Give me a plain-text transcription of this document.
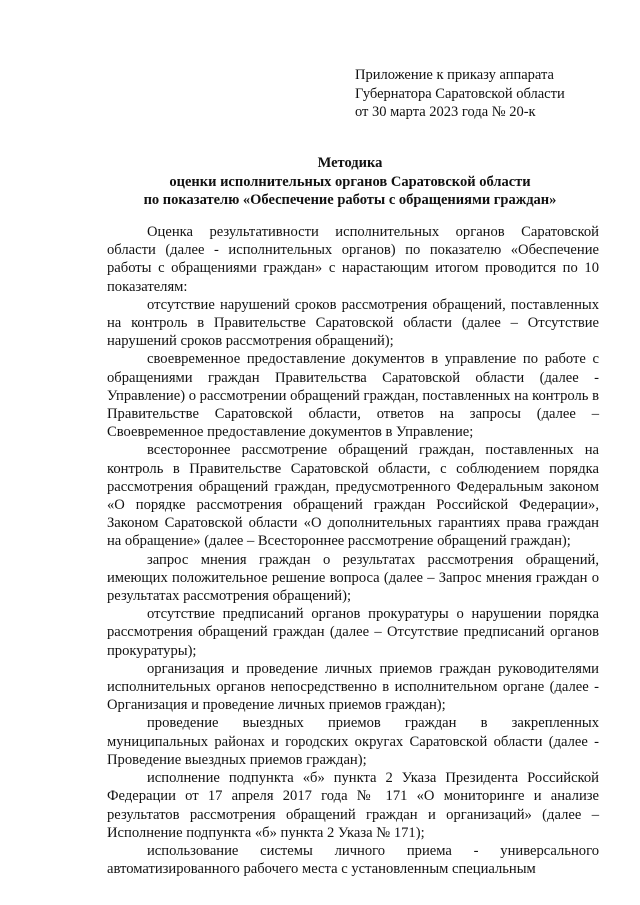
Приложение к приказу аппарата
Губернатора Саратовской области
от 30 марта 2023 года № 20-к
Методика
оценки исполнительных органов Саратовской области
по показателю «Обеспечение работы с обращениями граждан»

Оценка результативности исполнительных органов Саратовской области (далее - исполнительных органов) по показателю «Обеспечение работы с обращениями граждан» с нарастающим итогом проводится по 10 показателям:

отсутствие нарушений сроков рассмотрения обращений, поставленных на контроль в Правительстве Саратовской области (далее – Отсутствие нарушений сроков рассмотрения обращений);

своевременное предоставление документов в управление по работе с обращениями граждан Правительства Саратовской области (далее - Управление) о рассмотрении обращений граждан, поставленных на контроль в Правительстве Саратовской области, ответов на запросы (далее – Своевременное предоставление документов в Управление;

всестороннее рассмотрение обращений граждан, поставленных на контроль в Правительстве Саратовской области, с соблюдением порядка рассмотрения обращений граждан, предусмотренного Федеральным законом «О порядке рассмотрения обращений граждан Российской Федерации», Законом Саратовской области «О дополнительных гарантиях права граждан на обращение» (далее – Всестороннее рассмотрение обращений граждан);

запрос мнения граждан о результатах рассмотрения обращений, имеющих положительное решение вопроса (далее – Запрос мнения граждан о результатах рассмотрения обращений);

отсутствие предписаний органов прокуратуры о нарушении порядка рассмотрения обращений граждан (далее – Отсутствие предписаний органов прокуратуры);

организация и проведение личных приемов граждан руководителями исполнительных органов непосредственно в исполнительном органе (далее - Организация и проведение личных приемов граждан);

проведение выездных приемов граждан в закрепленных муниципальных районах и городских округах Саратовской области (далее - Проведение выездных приемов граждан);

исполнение подпункта «б» пункта 2 Указа Президента Российской Федерации от 17 апреля 2017 года № 171 «О мониторинге и анализе результатов рассмотрения обращений граждан и организаций» (далее – Исполнение подпункта «б» пункта 2 Указа № 171);

использование системы личного приема - универсального автоматизированного рабочего места с установленным специальным
